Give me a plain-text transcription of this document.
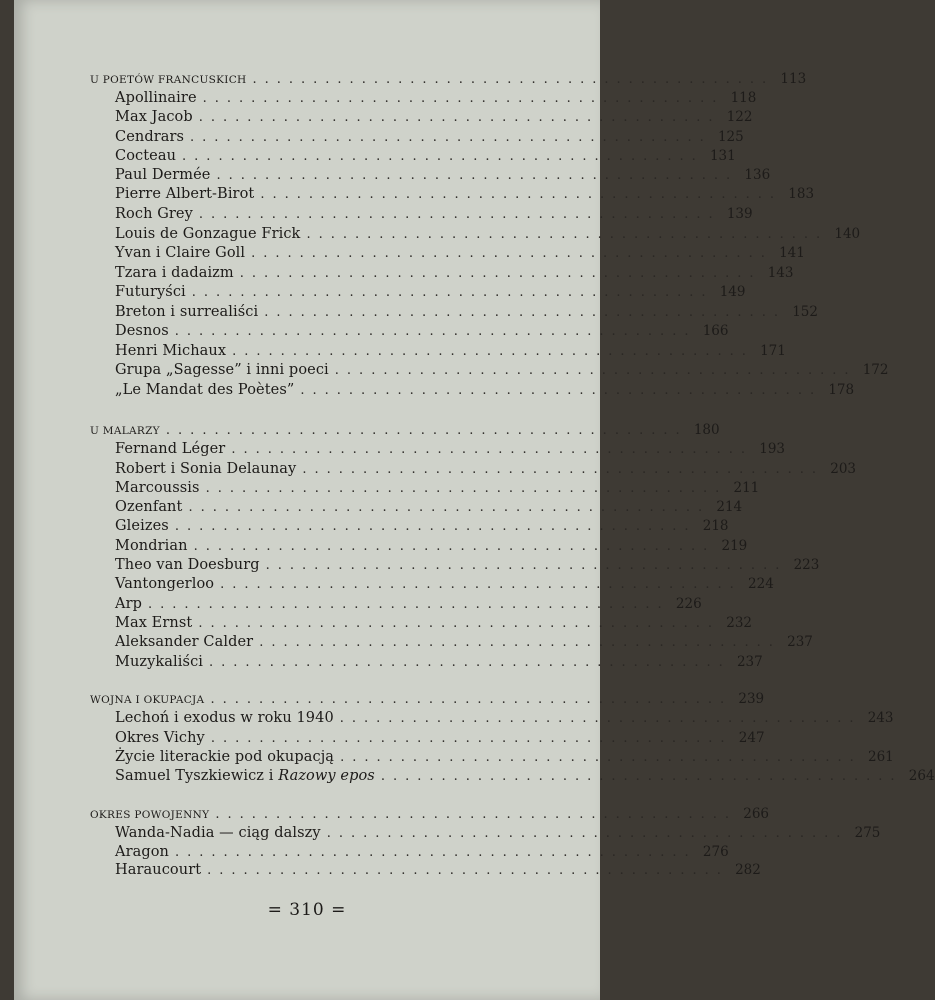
U POETÓW FRANCUSKICH ........................................... 113
Apollinaire ........................................... 118
Max Jacob ........................................... 122
Cendrars ........................................... 125
Cocteau ........................................... 131
Paul Dermée ........................................... 136
Pierre Albert-Birot ........................................... 183
Roch Grey ........................................... 139
Louis de Gonzague Frick ........................................... 140
Yvan i Claire Goll ........................................... 141
Tzara i dadaizm ........................................... 143
Futuryści ........................................... 149
Breton i surrealiści ........................................... 152
Desnos ........................................... 166
Henri Michaux ........................................... 171
Grupa „Sagesse” i inni poeci ........................................... 172
„Le Mandat des Poètes” ........................................... 178
U MALARZY ........................................... 180
Fernand Léger ........................................... 193
Robert i Sonia Delaunay ........................................... 203
Marcoussis ........................................... 211
Ozenfant ........................................... 214
Gleizes ........................................... 218
Mondrian ........................................... 219
Theo van Doesburg ........................................... 223
Vantongerloo ........................................... 224
Arp ........................................... 226
Max Ernst ........................................... 232
Aleksander Calder ........................................... 237
Muzykaliści ........................................... 237
WOJNA I OKUPACJA ........................................... 239
Lechoń i exodus w roku 1940 ........................................... 243
Okres Vichy ........................................... 247
Życie literackie pod okupacją ........................................... 261
Samuel Tyszkiewicz i Razowy epos ........................................... 264
OKRES POWOJENNY ........................................... 266
Wanda-Nadia — ciąg dalszy ........................................... 275
Aragon ........................................... 276
Haraucourt ........................................... 282
= 310 =
